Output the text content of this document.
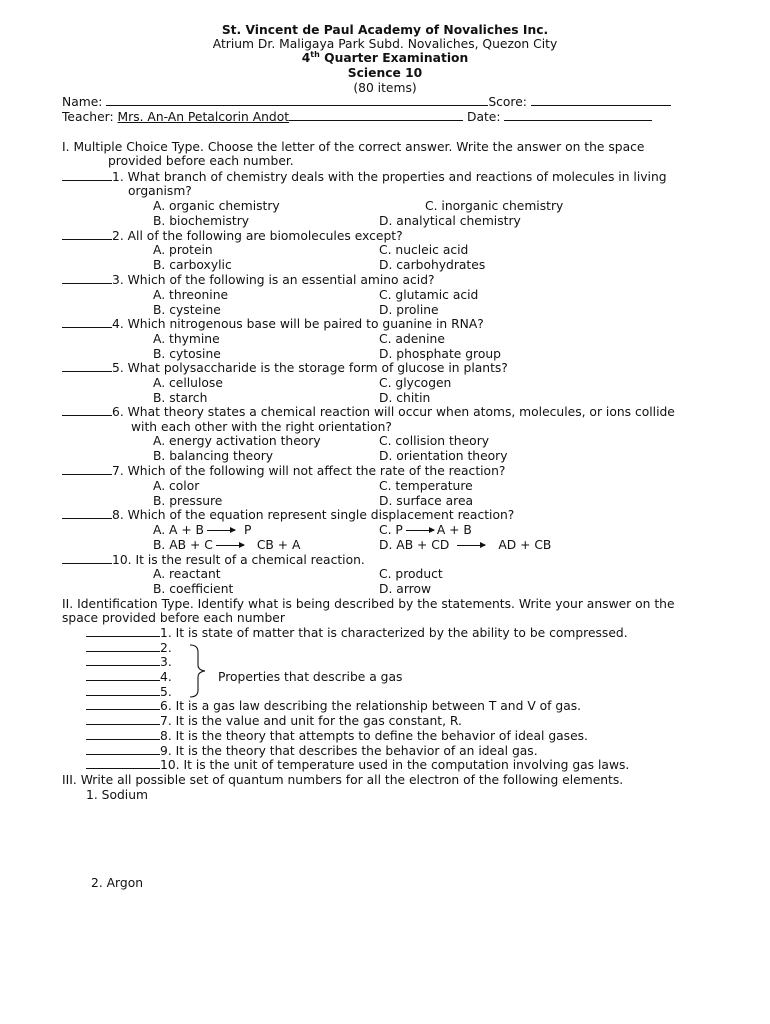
St. Vincent de Paul Academy of Novaliches Inc.
Atrium Dr. Maligaya Park Subd. Novaliches, Quezon City
4th Quarter Examination
Science 10
(80 items)
Name:	Score:
Teacher: Mrs. An-An Petalcorin Andot	Date:
I. Multiple Choice Type. Choose the letter of the correct answer. Write the answer on the space
provided before each number.
1. What branch of chemistry deals with the properties and reactions of molecules in living
organism?
A. organic chemistry	C. inorganic chemistry
B. biochemistry	D. analytical chemistry
2. All of the following are biomolecules except?
A. protein	C. nucleic acid
B. carboxylic	D. carbohydrates
3. Which of the following is an essential amino acid?
A. threonine	C. glutamic acid
B. cysteine	D. proline
4. Which nitrogenous base will be paired to guanine in RNA?
A. thymine	C. adenine
B. cytosine	D. phosphate group
5. What polysaccharide is the storage form of glucose in plants?
A. cellulose	C. glycogen
B. starch	D. chitin
6. What theory states a chemical reaction will occur when atoms, molecules, or ions collide
with each other with the right orientation?
A. energy activation theory	C. collision theory
B. balancing theory	D. orientation theory
7. Which of the following will not affect the rate of the reaction?
A. color	C. temperature
B. pressure	D. surface area
8. Which of the equation represent single displacement reaction?
A. A + B	P	C. P	A + B
B. AB + C	CB + A	D. AB + CD	AD + CB
10. It is the result of a chemical reaction.
A. reactant	C. product
B. coefficient	D. arrow
II. Identification Type. Identify what is being described by the statements. Write your answer on the
space provided before each number
1. It is state of matter that is characterized by the ability to be compressed.
2.
3.
4.
5.
Properties that describe a gas
6. It is a gas law describing the relationship between T and V of gas.
7. It is the value and unit for the gas constant, R.
8. It is the theory that attempts to define the behavior of ideal gases.
9. It is the theory that describes the behavior of an ideal gas.
10. It is the unit of temperature used in the computation involving gas laws.
III. Write all possible set of quantum numbers for all the electron of the following elements.
1. Sodium
2. Argon
